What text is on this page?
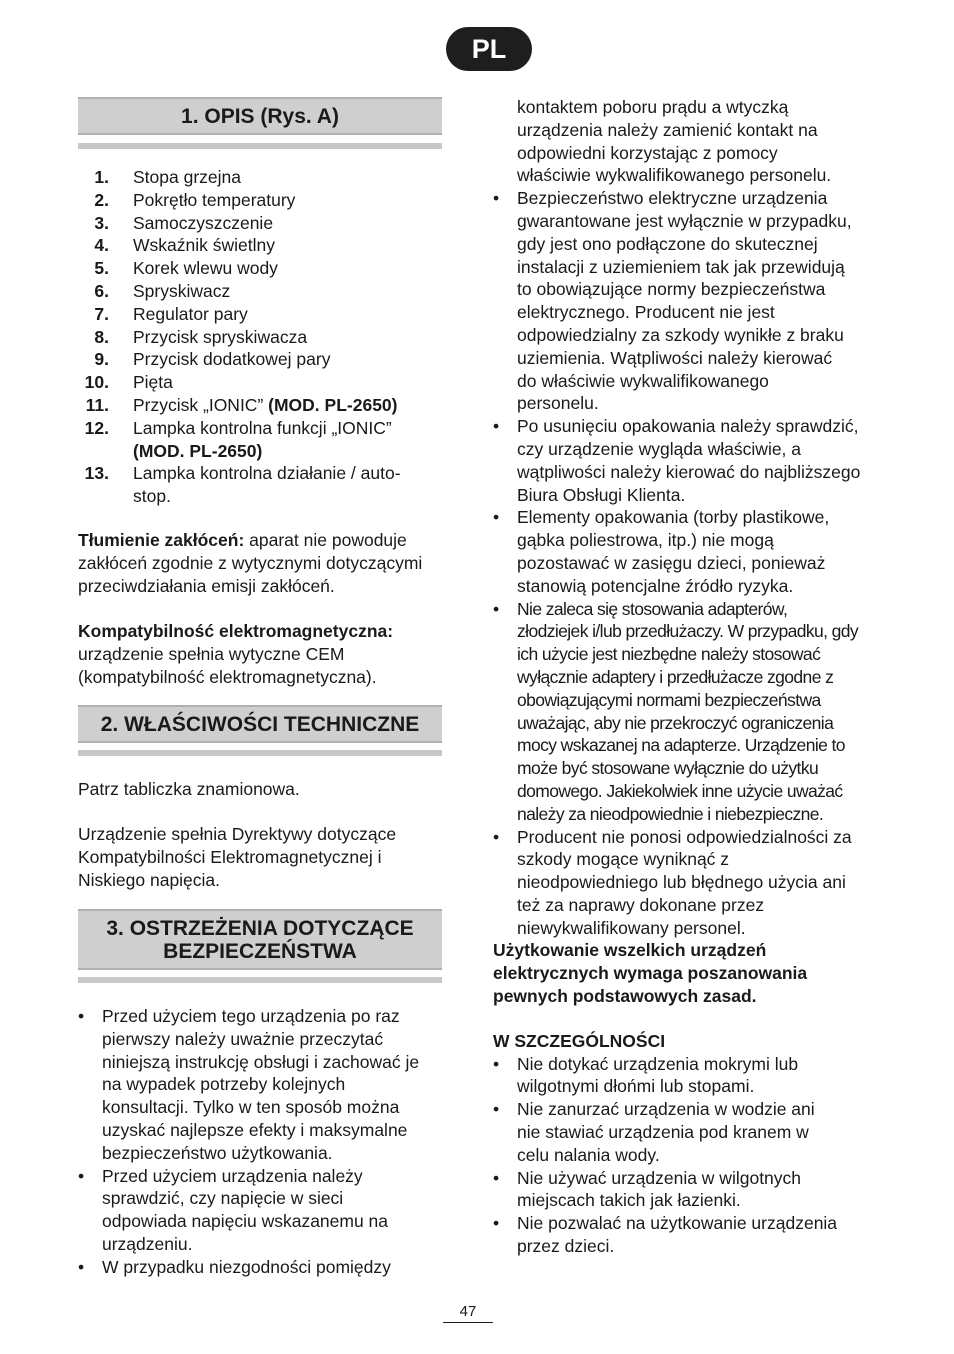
PL
1. OPIS (Rys. A)
1. Stopa grzejna
2. Pokrętło temperatury
3. Samoczyszczenie
4. Wskaźnik świetlny
5. Korek wlewu wody
6. Spryskiwacz
7. Regulator pary
8. Przycisk spryskiwacza
9. Przycisk dodatkowej pary
10. Pięta
11. Przycisk „IONIC” (MOD. PL-2650)
12. Lampka kontrolna funkcji „IONIC”
(MOD. PL-2650)
13. Lampka kontrolna działanie / auto-stop.
Tłumienie zakłóceń: aparat nie powoduje zakłóceń zgodnie z wytycznymi dotyczącymi przeciwdziałania emisji zakłóceń.
Kompatybilność elektromagnetyczna:
urządzenie spełnia wytyczne CEM (kompatybilność elektromagnetyczna).
2. WŁAŚCIWOŚCI TECHNICZNE
Patrz tabliczka znamionowa.
Urządzenie spełnia Dyrektywy dotyczące Kompatybilności Elektromagnetycznej i Niskiego napięcia.
3. OSTRZEŻENIA DOTYCZĄCE
BEZPIECZEŃSTWA
• Przed użyciem tego urządzenia po raz pierwszy należy uważnie przeczytać niniejszą instrukcję obsługi i zachować je na wypadek potrzeby kolejnych konsultacji. Tylko w ten sposób można uzyskać najlepsze efekty i maksymalne bezpieczeństwo użytkowania.
• Przed użyciem urządzenia należy sprawdzić, czy napięcie w sieci odpowiada napięciu wskazanemu na urządzeniu.
• W przypadku niezgodności pomiędzy
kontaktem poboru prądu a wtyczką urządzenia należy zamienić kontakt na odpowiedni korzystając z pomocy właściwie wykwalifikowanego personelu.
• Bezpieczeństwo elektryczne urządzenia gwarantowane jest wyłącznie w przypadku, gdy jest ono podłączone do skutecznej instalacji z uziemieniem tak jak przewidują to obowiązujące normy bezpieczeństwa elektrycznego. Producent nie jest odpowiedzialny za szkody wynikłe z braku uziemienia. Wątpliwości należy kierować do właściwie wykwalifikowanego personelu.
• Po usunięciu opakowania należy sprawdzić, czy urządzenie wygląda właściwie, a wątpliwości należy kierować do najbliższego Biura Obsługi Klienta.
• Elementy opakowania (torby plastikowe, gąbka poliestrowa, itp.) nie mogą pozostawać w zasięgu dzieci, ponieważ stanowią potencjalne źródło ryzyka.
• Nie zaleca się stosowania adapterów, złodziejek i/lub przedłużaczy. W przypadku, gdy ich użycie jest niezbędne należy stosować wyłącznie adaptery i przedłużacze zgodne z obowiązującymi normami bezpieczeństwa uważając, aby nie przekroczyć ograniczenia mocy wskazanej na adapterze. Urządzenie to może być stosowane wyłącznie do użytku domowego. Jakiekolwiek inne użycie uważać należy za nieodpowiednie i niebezpieczne.
• Producent nie ponosi odpowiedzialności za szkody mogące wyniknąć z nieodpowiedniego lub błędnego użycia ani też za naprawy dokonane przez niewykwalifikowany personel.
Użytkowanie wszelkich urządzeń elektrycznych wymaga poszanowania pewnych podstawowych zasad.
W SZCZEGÓLNOŚCI
• Nie dotykać urządzenia mokrymi lub wilgotnymi dłońmi lub stopami.
• Nie zanurzać urządzenia w wodzie ani nie stawiać urządzenia pod kranem w celu nalania wody.
• Nie używać urządzenia w wilgotnych miejscach takich jak łazienki.
• Nie pozwalać na użytkowanie urządzenia przez dzieci.
47
